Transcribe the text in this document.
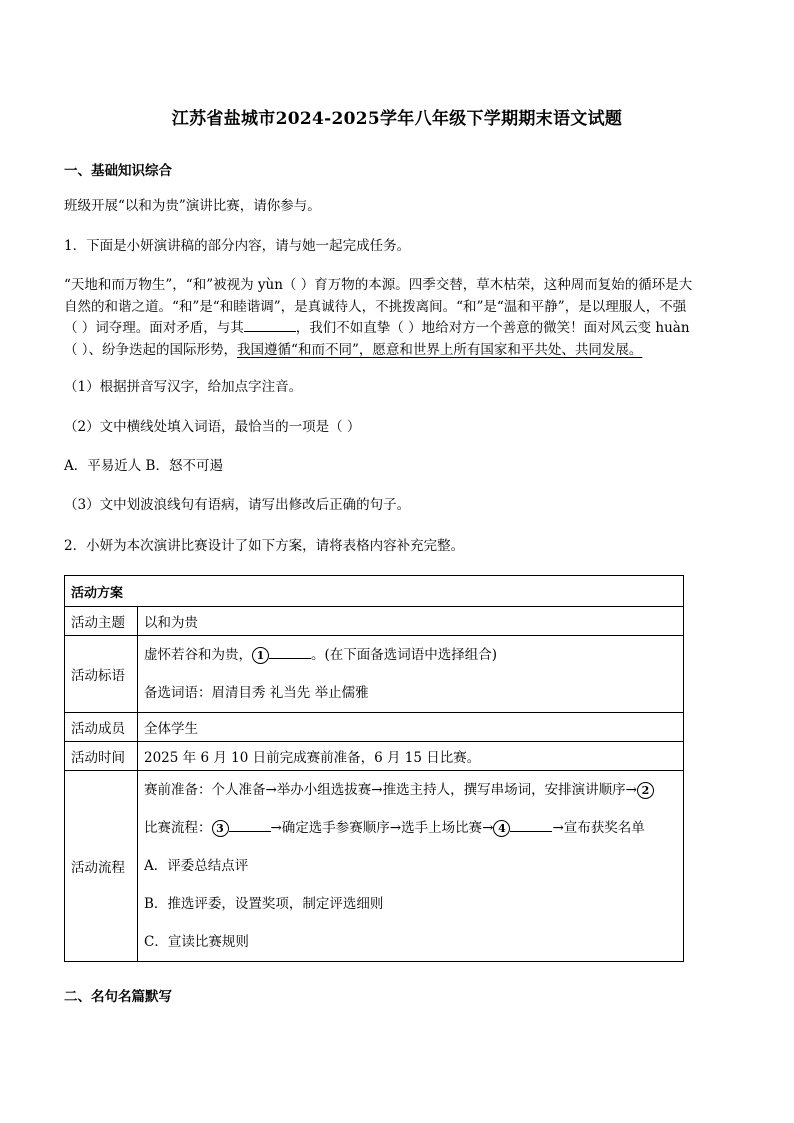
江苏省盐城市2024-2025学年八年级下学期期末语文试题
一、基础知识综合
班级开展“以和为贵”演讲比赛，请你参与。
1．下面是小妍演讲稿的部分内容，请与她一起完成任务。
“天地和而万物生”，“和”被视为 yùn（ ）育万物的本源。四季交替，草木枯荣，这种周而复始的循环是大
自然的和谐之道。“和”是“和睦谐调”，是真诚待人，不挑拨离间。“和”是“温和平静”，是以理服人，不强
（ ）词夺理。面对矛盾，与其	，我们不如直挚（ ）地给对方一个善意的微笑！面对风云变 huàn
（ ）、纷争迭起的国际形势，我国遵循“和而不同”，愿意和世界上所有国家和平共处、共同发展。
（1）根据拼音写汉字，给加点字注音。
（2）文中横线处填入词语，最恰当的一项是（ ）
A．平易近人 B．怒不可遏
（3）文中划波浪线句有语病，请写出修改后正确的句子。
2．小妍为本次演讲比赛设计了如下方案，请将表格内容补充完整。
活动方案	
活动主题	以和为贵
活动标语	虚怀若谷和为贵， 1 。(在下面备选词语中选择组合)
备选词语：眉清目秀 礼当先 举止儒雅

活动成员	全体学生
活动时间	2025 年 6 月 10 日前完成赛前准备，6 月 15 日比赛。
活动流程	赛前准备：个人准备→举办小组选拔赛→推选主持人，撰写串场词，安排演讲顺序→ 2
比赛流程： 3 →确定选手参赛顺序→选手上场比赛→ 4 →宣布获奖名单
A．评委总结点评
B．推选评委，设置奖项，制定评选细则
C．宣读比赛规则
二、名句名篇默写
